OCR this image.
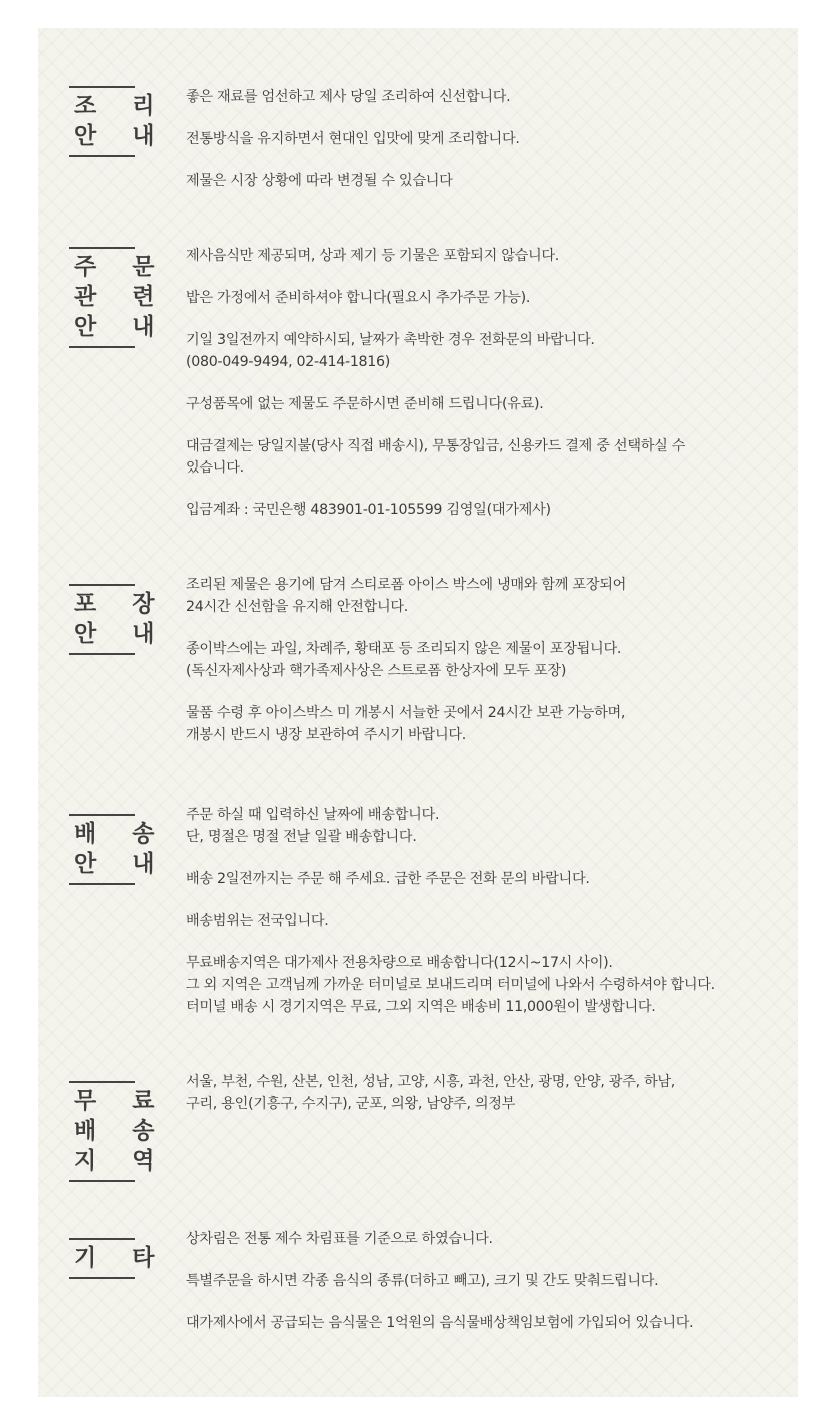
조 리
안 내

좋은 재료를 엄선하고 제사 당일 조리하여 신선합니다.

전통방식을 유지하면서 현대인 입맛에 맞게 조리합니다.

제물은 시장 상황에 따라 변경될 수 있습니다

주 문
관 련
안 내

제사음식만 제공되며, 상과 제기 등 기물은 포함되지 않습니다.

밥은 가정에서 준비하셔야 합니다(필요시 추가주문 가능).

기일 3일전까지 예약하시되, 날짜가 촉박한 경우 전화문의 바랍니다.
(080-049-9494, 02-414-1816)

구성품목에 없는 제물도 주문하시면 준비해 드립니다(유료).

대금결제는 당일지불(당사 직접 배송시), 무통장입금, 신용카드 결제 중 선택하실 수
있습니다.

입금계좌 : 국민은행 483901-01-105599 김영일(대가제사)

포 장
안 내

조리된 제물은 용기에 담겨 스티로폼 아이스 박스에 냉매와 함께 포장되어
24시간 신선함을 유지해 안전합니다.

종이박스에는 과일, 차례주, 황태포 등 조리되지 않은 제물이 포장됩니다.
(독신자제사상과 핵가족제사상은 스트로폼 한상자에 모두 포장)

물품 수령 후 아이스박스 미 개봉시 서늘한 곳에서 24시간 보관 가능하며,
개봉시 반드시 냉장 보관하여 주시기 바랍니다.

배 송
안 내

주문 하실 때 입력하신 날짜에 배송합니다.
단, 명절은 명절 전날 일괄 배송합니다.

배송 2일전까지는 주문 해 주세요. 급한 주문은 전화 문의 바랍니다.

배송범위는 전국입니다.

무료배송지역은 대가제사 전용차량으로 배송합니다(12시~17시 사이).
그 외 지역은 고객님께 가까운 터미널로 보내드리며 터미널에 나와서 수령하셔야 합니다.
터미널 배송 시 경기지역은 무료, 그외 지역은 배송비 11,000원이 발생합니다.

무 료
배 송
지 역

서울, 부천, 수원, 산본, 인천, 성남, 고양, 시흥, 과천, 안산, 광명, 안양, 광주, 하남,
구리, 용인(기흥구, 수지구), 군포, 의왕, 남양주, 의정부

기 타

상차림은 전통 제수 차림표를 기준으로 하였습니다.

특별주문을 하시면 각종 음식의 종류(더하고 빼고), 크기 및 간도 맞춰드립니다.

대가제사에서 공급되는 음식물은 1억원의 음식물배상책임보험에 가입되어 있습니다.
